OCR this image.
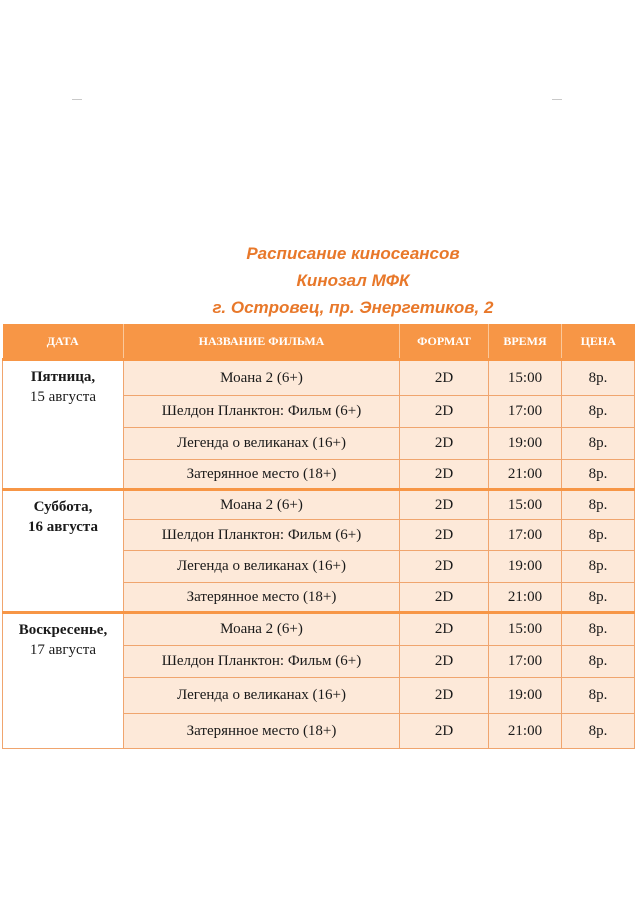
Расписание киносеансов
Кинозал МФК
г. Островец, пр. Энергетиков, 2
ДАТА	НАЗВАНИЕ ФИЛЬМА	ФОРМАТ	ВРЕМЯ	ЦЕНА

Пятница,
15 августа	Моана 2 (6+)	2D	15:00	8р.
	Шелдон Планктон: Фильм (6+)	2D	17:00	8р.
	Легенда о великанах (16+)	2D	19:00	8р.
	Затерянное место (18+)	2D	21:00	8р.

Суббота,
16 августа	Моана 2 (6+)	2D	15:00	8р.
	Шелдон Планктон: Фильм (6+)	2D	17:00	8р.
	Легенда о великанах (16+)	2D	19:00	8р.
	Затерянное место (18+)	2D	21:00	8р.

Воскресенье,
17 августа	Моана 2 (6+)	2D	15:00	8р.
	Шелдон Планктон: Фильм (6+)	2D	17:00	8р.
	Легенда о великанах (16+)	2D	19:00	8р.
	Затерянное место (18+)	2D	21:00	8р.
